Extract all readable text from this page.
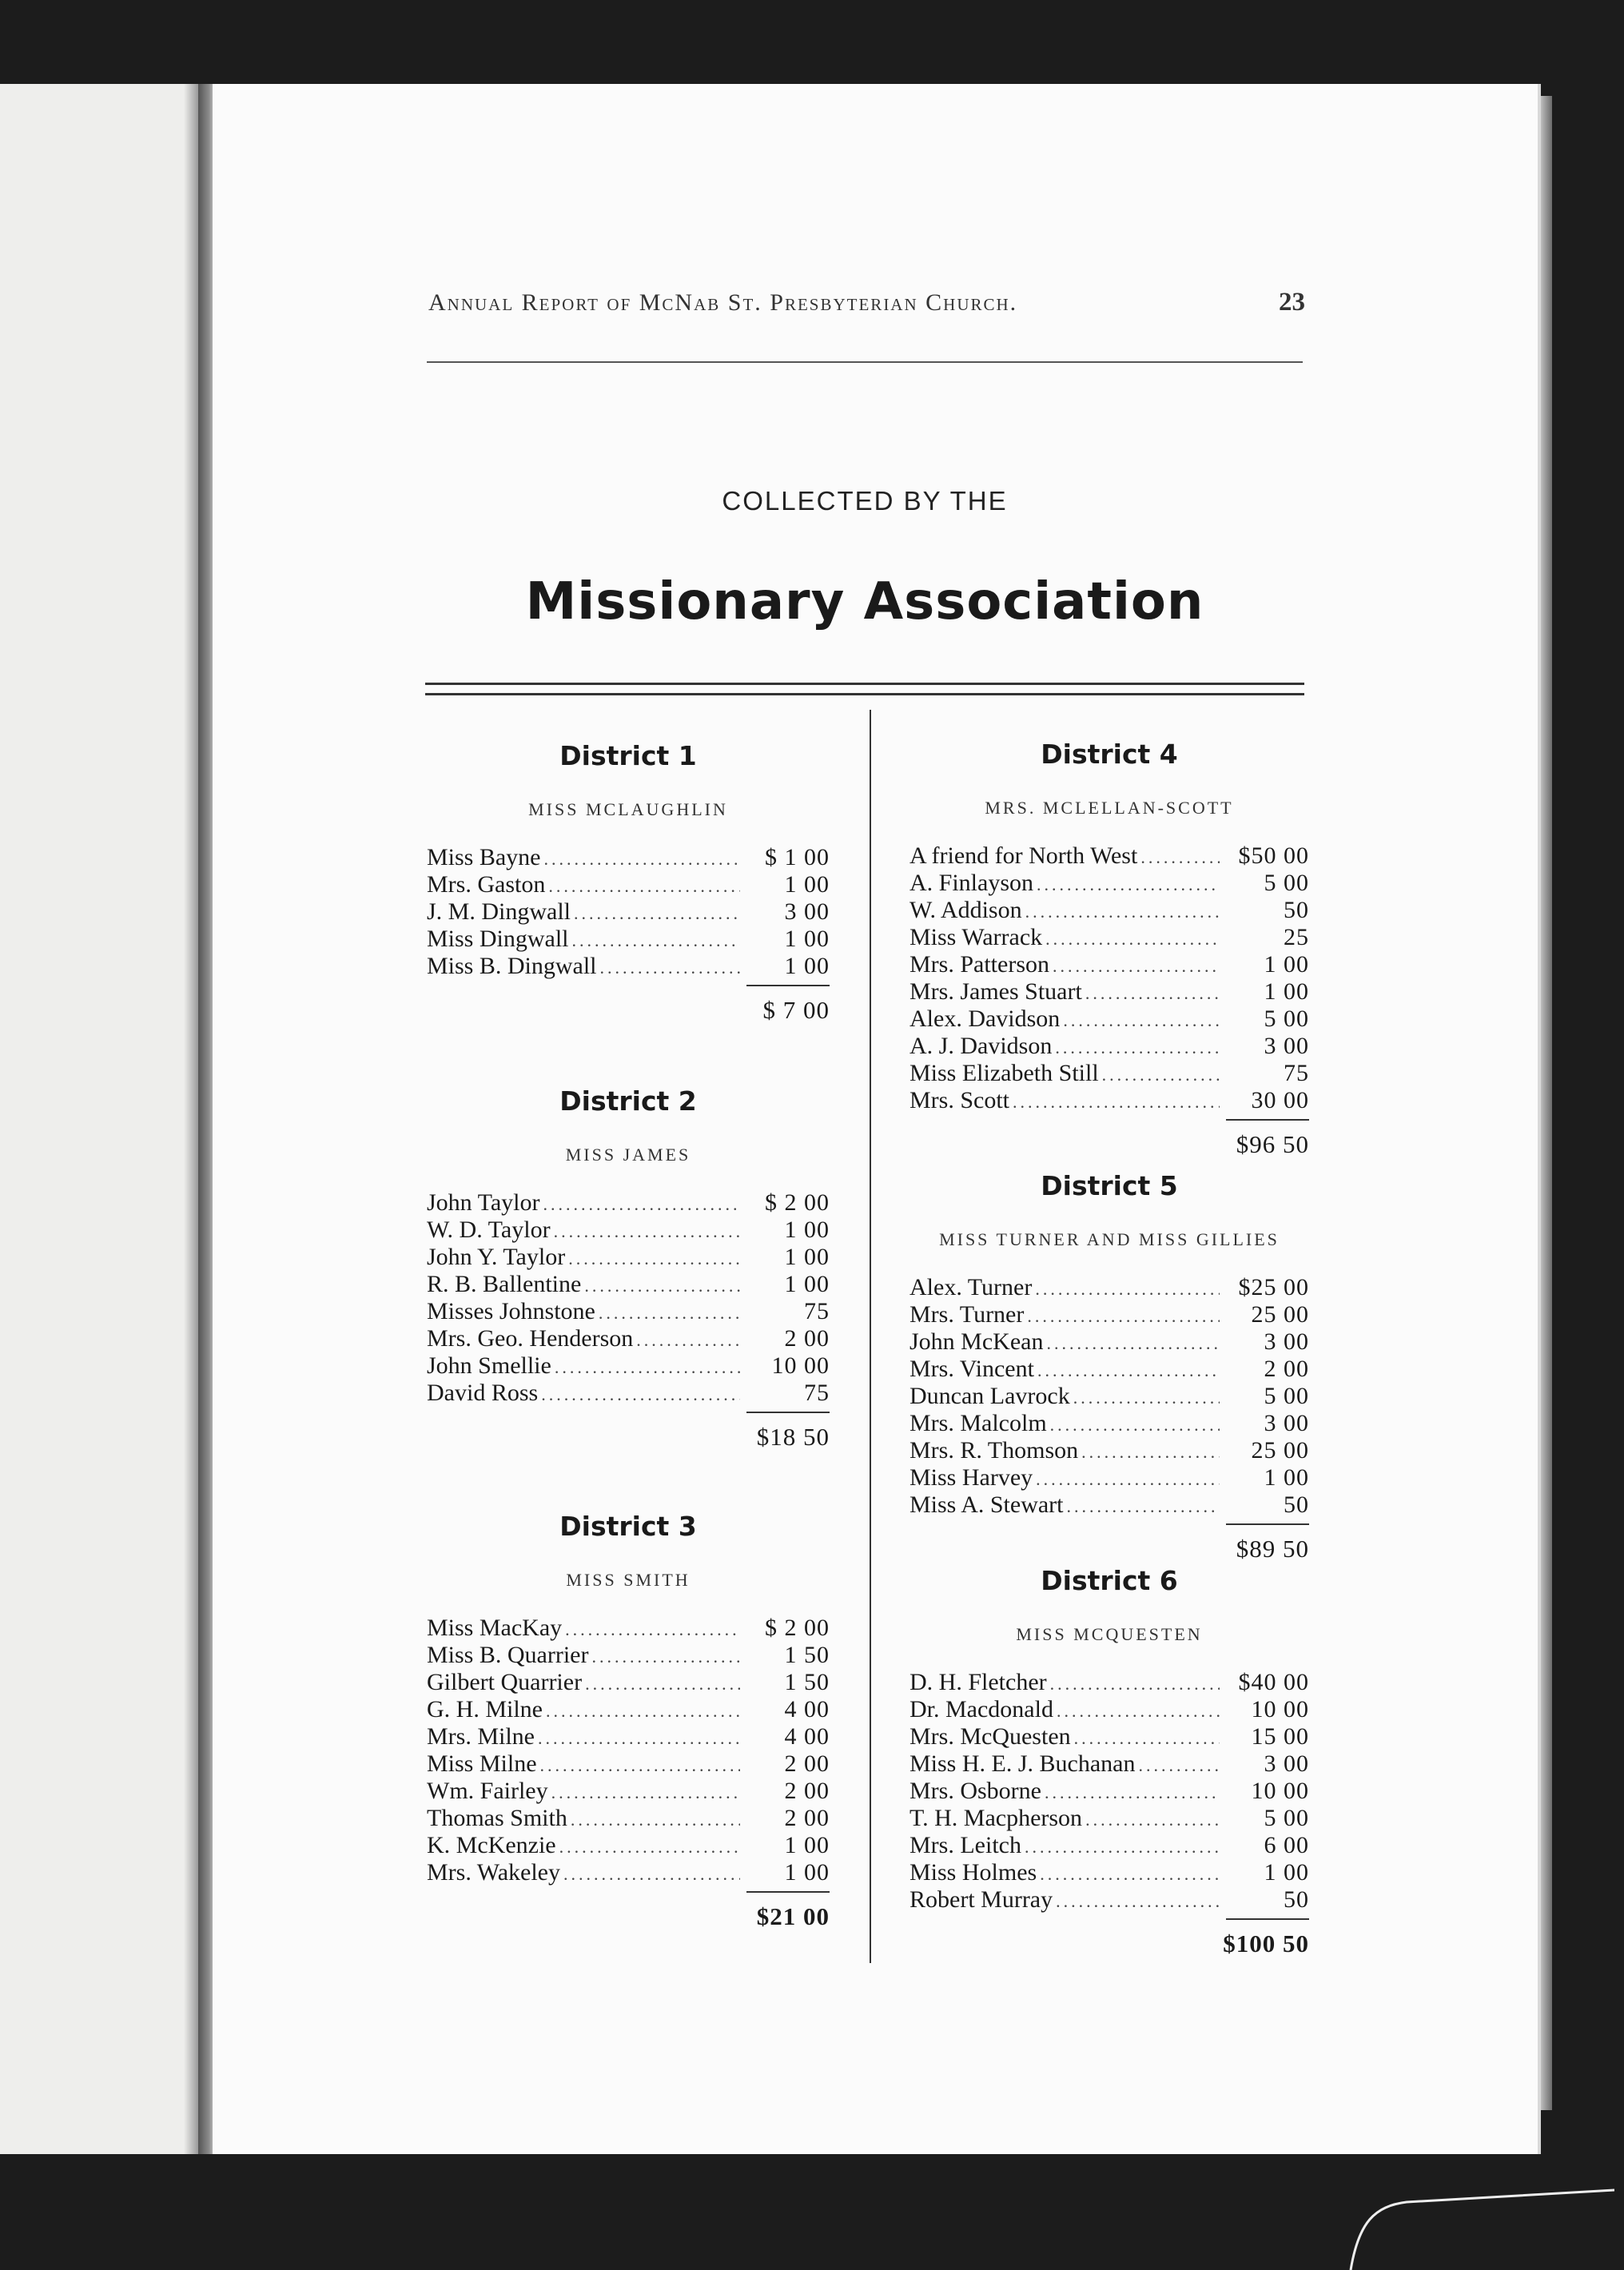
Annual Report of McNab St. Presbyterian Church.	23
COLLECTED BY THE
Missionary Association
District 1
MISS MCLAUGHLIN
Miss Bayne .....	$ 1 00
Mrs. Gaston .....	1 00
J. M. Dingwall .....	3 00
Miss Dingwall .....	1 00
Miss B. Dingwall .....	1 00
$ 7 00
District 2
MISS JAMES
John Taylor .....	$ 2 00
W. D. Taylor .....	1 00
John Y. Taylor .....	1 00
R. B. Ballentine .....	1 00
Misses Johnstone .....	75
Mrs. Geo. Henderson .....	2 00
John Smellie .....	10 00
David Ross .....	75
$18 50
District 3
MISS SMITH
Miss MacKay .....	$ 2 00
Miss B. Quarrier .....	1 50
Gilbert Quarrier .....	1 50
G. H. Milne .....	4 00
Mrs. Milne .....	4 00
Miss Milne .....	2 00
Wm. Fairley .....	2 00
Thomas Smith .....	2 00
K. McKenzie .....	1 00
Mrs. Wakeley .....	1 00
$21 00
District 4
MRS. MCLELLAN-SCOTT
A friend for North West .....	$50 00
A. Finlayson .....	5 00
W. Addison .....	50
Miss Warrack .....	25
Mrs. Patterson .....	1 00
Mrs. James Stuart .....	1 00
Alex. Davidson .....	5 00
A. J. Davidson .....	3 00
Miss Elizabeth Still .....	75
Mrs. Scott .....	30 00
$96 50
District 5
MISS TURNER AND MISS GILLIES
Alex. Turner .....	$25 00
Mrs. Turner .....	25 00
John McKean .....	3 00
Mrs. Vincent .....	2 00
Duncan Lavrock .....	5 00
Mrs. Malcolm .....	3 00
Mrs. R. Thomson .....	25 00
Miss Harvey .....	1 00
Miss A. Stewart .....	50
$89 50
District 6
MISS MCQUESTEN
D. H. Fletcher .....	$40 00
Dr. Macdonald .....	10 00
Mrs. McQuesten .....	15 00
Miss H. E. J. Buchanan .....	3 00
Mrs. Osborne .....	10 00
T. H. Macpherson .....	5 00
Mrs. Leitch .....	6 00
Miss Holmes .....	1 00
Robert Murray .....	50
$100 50
